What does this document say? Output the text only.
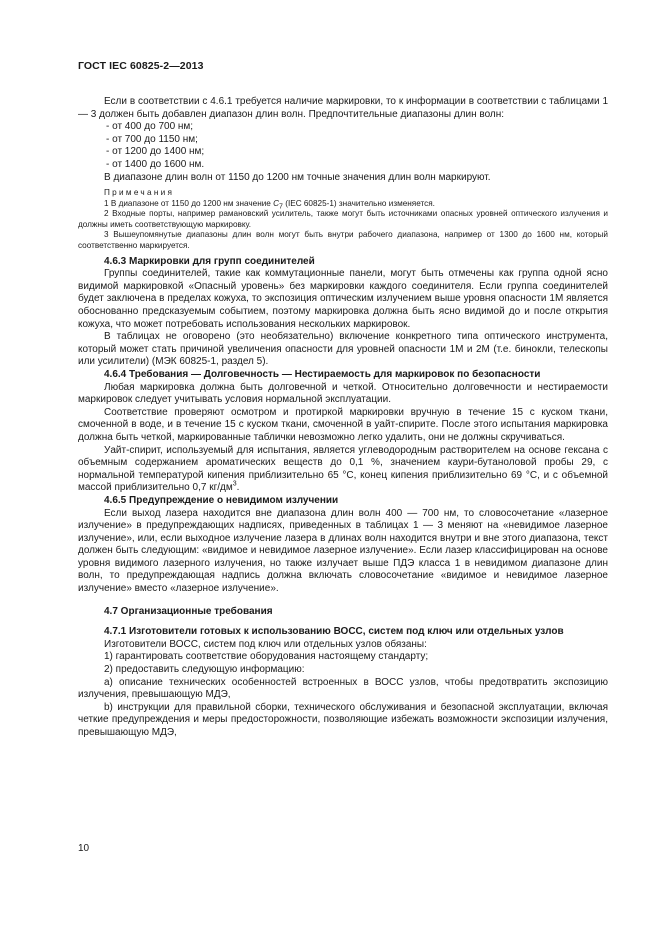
ГОСТ IEC 60825-2—2013

Если в соответствии с 4.6.1 требуется наличие маркировки, то к информации в соответствии с таблицами 1 — 3 должен быть добавлен диапазон длин волн. Предпочтительные диапазоны длин волн:

- от 400 до 700 нм;

- от 700 до 1150 нм;

- от 1200 до 1400 нм;

- от 1400 до 1600 нм.

В диапазоне длин волн от 1150 до 1200 нм точные значения длин волн маркируют.

Примечания

1 В диапазоне от 1150 до 1200 нм значение $C_7$ (IEC 60825-1) значительно изменяется.

2 Входные порты, например рамановский усилитель, также могут быть источниками опасных уровней оптического излучения и должны иметь соответствующую маркировку.

3 Вышеупомянутые диапазоны длин волн могут быть внутри рабочего диапазона, например от 1300 до 1600 нм, который соответственно маркируется.

4.6.3 Маркировки для групп соединителей

Группы соединителей, такие как коммутационные панели, могут быть отмечены как группа одной ясно видимой маркировкой «Опасный уровень» без маркировки каждого соединителя. Если группа соединителей будет заключена в пределах кожуха, то экспозиция оптическим излучением выше уровня опасности 1М является обоснованно предсказуемым событием, поэтому маркировка должна быть ясно видимой до и после открытия кожуха, что может потребовать использования нескольких маркировок.

В таблицах не оговорено (это необязательно) включение конкретного типа оптического инструмента, который может стать причиной увеличения опасности для уровней опасности 1М и 2М (т.е. бинокли, телескопы или усилители) (МЭК 60825-1, раздел 5).

4.6.4 Требования — Долговечность — Нестираемость для маркировок по безопасности

Любая маркировка должна быть долговечной и четкой. Относительно долговечности и нестираемости маркировок следует учитывать условия нормальной эксплуатации.

Соответствие проверяют осмотром и протиркой маркировки вручную в течение 15 с куском ткани, смоченной в воде, и в течение 15 с куском ткани, смоченной в уайт-спирите. После этого испытания маркировка должна быть четкой, маркированные таблички невозможно легко удалить, они не должны скручиваться.

Уайт-спирит, используемый для испытания, является углеводородным растворителем на основе гексана с объемным содержанием ароматических веществ до 0,1 %, значением каури-бутаноловой пробы 29, с нормальной температурой кипения приблизительно 65 °С, конец кипения приблизительно 69 °С, и с объемной массой приблизительно 0,7 $кг/дм^3$.

4.6.5 Предупреждение о невидимом излучении

Если выход лазера находится вне диапазона длин волн 400 — 700 нм, то словосочетание «лазерное излучение» в предупреждающих надписях, приведенных в таблицах 1 — 3 меняют на «невидимое лазерное излучение», или, если выходное излучение лазера в длинах волн находится внутри и вне этого диапазона, текст должен быть следующим: «видимое и невидимое лазерное излучение». Если лазер классифицирован на основе уровня видимого лазерного излучения, но также излучает выше ПДЭ класса 1 в невидимом диапазоне длин волн, то предупреждающая надпись должна включать словосочетание «видимое и невидимое лазерное излучение» вместо «лазерное излучение».

4.7 Организационные требования

4.7.1 Изготовители готовых к использованию ВОСС, систем под ключ или отдельных узлов

Изготовители ВОСС, систем под ключ или отдельных узлов обязаны:

1) гарантировать соответствие оборудования настоящему стандарту;

2) предоставить следующую информацию:

а) описание технических особенностей встроенных в ВОСС узлов, чтобы предотвратить экспозицию излучения, превышающую МДЭ,

b) инструкции для правильной сборки, технического обслуживания и безопасной эксплуатации, включая четкие предупреждения и меры предосторожности, позволяющие избежать возможности экспозиции излучения, превышающую МДЭ,

10
